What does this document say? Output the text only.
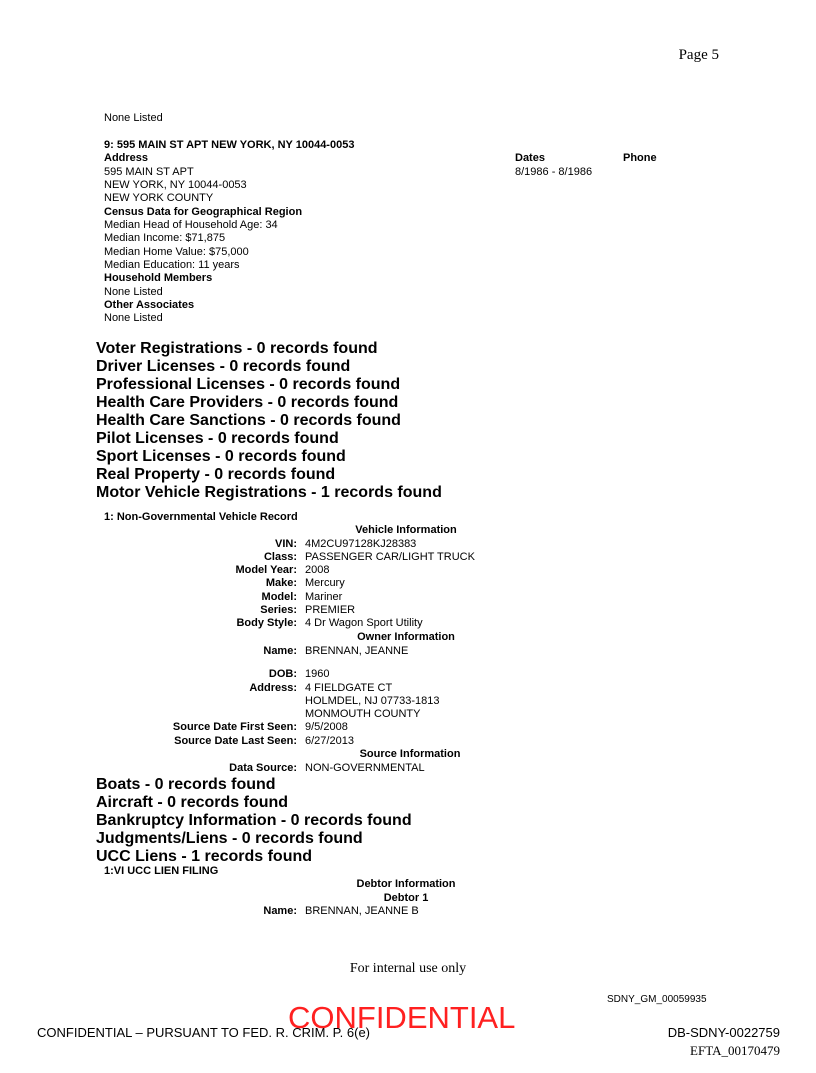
Page 5
None Listed
9: 595 MAIN ST APT NEW YORK, NY 10044-0053
Address	Dates	Phone
595 MAIN ST APT	8/1986 - 8/1986
NEW YORK, NY 10044-0053
NEW YORK COUNTY
Census Data for Geographical Region
Median Head of Household Age: 34
Median Income: $71,875
Median Home Value: $75,000
Median Education: 11 years
Household Members
None Listed
Other Associates
None Listed
Voter Registrations - 0 records found
Driver Licenses - 0 records found
Professional Licenses - 0 records found
Health Care Providers - 0 records found
Health Care Sanctions - 0 records found
Pilot Licenses - 0 records found
Sport Licenses - 0 records found
Real Property - 0 records found
Motor Vehicle Registrations - 1 records found
1: Non-Governmental Vehicle Record
Vehicle Information
VIN: 4M2CU97128KJ28383
Class: PASSENGER CAR/LIGHT TRUCK
Model Year: 2008
Make: Mercury
Model: Mariner
Series: PREMIER
Body Style: 4 Dr Wagon Sport Utility
Owner Information
Name: BRENNAN, JEANNE
DOB: 1960
Address: 4 FIELDGATE CT
HOLMDEL, NJ 07733-1813
MONMOUTH COUNTY
Source Date First Seen: 9/5/2008
Source Date Last Seen: 6/27/2013
Source Information
Data Source: NON-GOVERNMENTAL
Boats - 0 records found
Aircraft - 0 records found
Bankruptcy Information - 0 records found
Judgments/Liens - 0 records found
UCC Liens - 1 records found
1:VI UCC LIEN FILING
Debtor Information
Debtor 1
Name: BRENNAN, JEANNE B
For internal use only
SDNY_GM_00059935
CONFIDENTIAL – PURSUANT TO FED. R. CRIM. P. 6(e)
CONFIDENTIAL	DB-SDNY-0022759
EFTA_00170479
